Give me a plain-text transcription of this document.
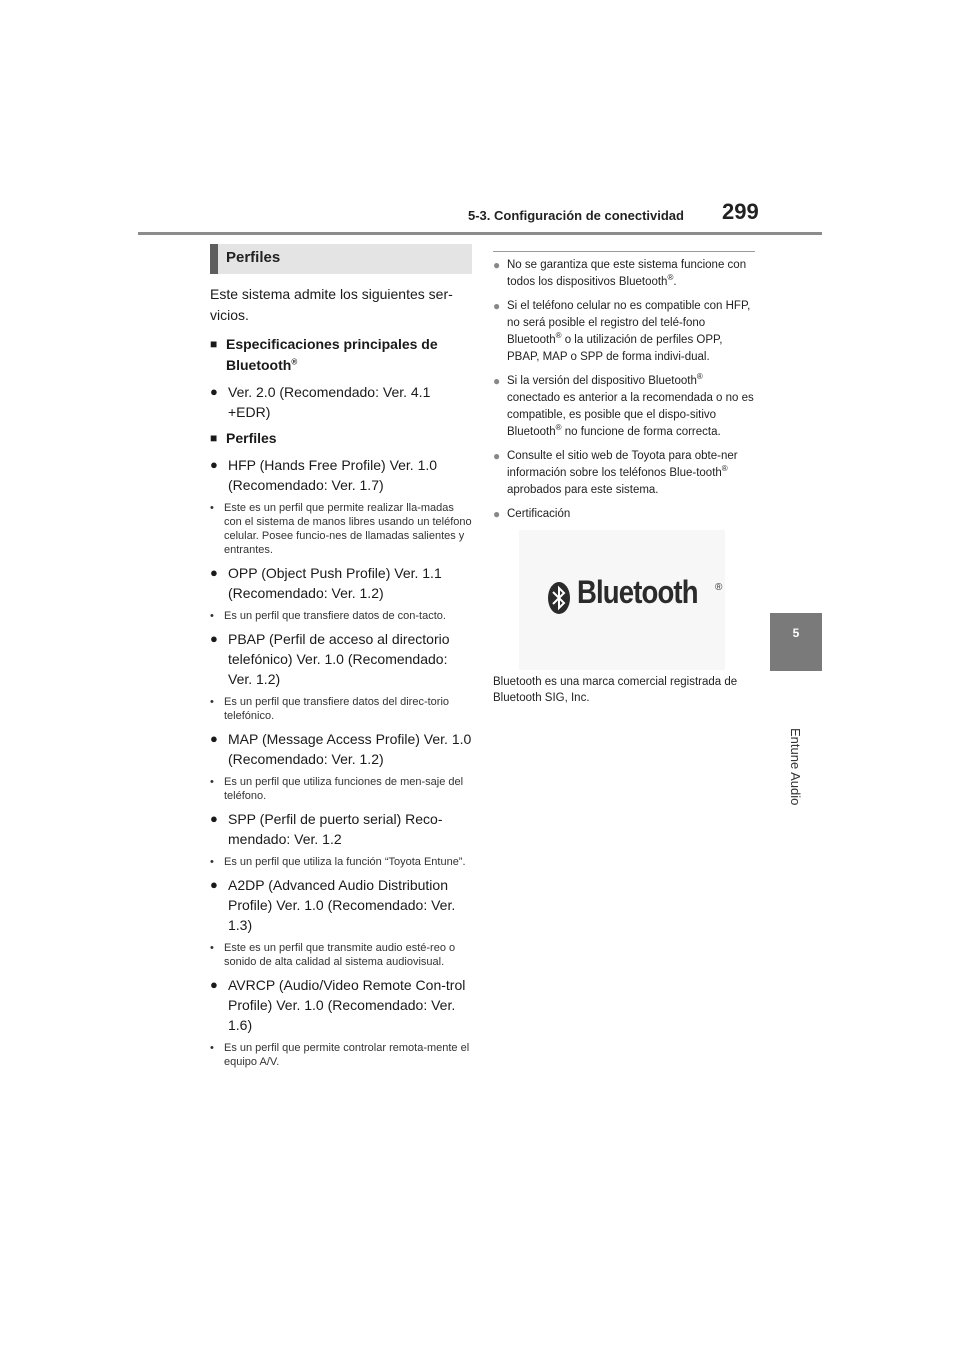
5-3. Configuración de conectividad 299
5
Entune Audio
Perfiles

Este sistema admite los siguientes ser-vicios.

■ Especificaciones principales de Bluetooth®
● Ver. 2.0 (Recomendado: Ver. 4.1 +EDR)
■ Perfiles
● HFP (Hands Free Profile) Ver. 1.0 (Recomendado: Ver. 1.7)
• Este es un perfil que permite realizar lla-madas con el sistema de manos libres usando un teléfono celular. Posee funcio-nes de llamadas salientes y entrantes.
● OPP (Object Push Profile) Ver. 1.1 (Recomendado: Ver. 1.2)
• Es un perfil que transfiere datos de con-tacto.
● PBAP (Perfil de acceso al directorio telefónico) Ver. 1.0 (Recomendado: Ver. 1.2)
• Es un perfil que transfiere datos del direc-torio telefónico.
● MAP (Message Access Profile) Ver. 1.0 (Recomendado: Ver. 1.2)
• Es un perfil que utiliza funciones de men-saje del teléfono.
● SPP (Perfil de puerto serial) Reco-mendado: Ver. 1.2
• Es un perfil que utiliza la función “Toyota Entune”.
● A2DP (Advanced Audio Distribution Profile) Ver. 1.0 (Recomendado: Ver. 1.3)
• Este es un perfil que transmite audio esté-reo o sonido de alta calidad al sistema audiovisual.
● AVRCP (Audio/Video Remote Con-trol Profile) Ver. 1.0 (Recomendado: Ver. 1.6)
• Es un perfil que permite controlar remota-mente el equipo A/V.
● No se garantiza que este sistema funcione con todos los dispositivos Bluetooth®.
● Si el teléfono celular no es compatible con HFP, no será posible el registro del telé-fono Bluetooth® o la utilización de perfiles OPP, PBAP, MAP o SPP de forma indivi-dual.
● Si la versión del dispositivo Bluetooth® conectado es anterior a la recomendada o no es compatible, es posible que el dispo-sitivo Bluetooth® no funcione de forma correcta.
● Consulte el sitio web de Toyota para obte-ner información sobre los teléfonos Blue-tooth® aprobados para este sistema.
● Certificación
Bluetooth ®
Bluetooth es una marca comercial registrada de Bluetooth SIG, Inc.
